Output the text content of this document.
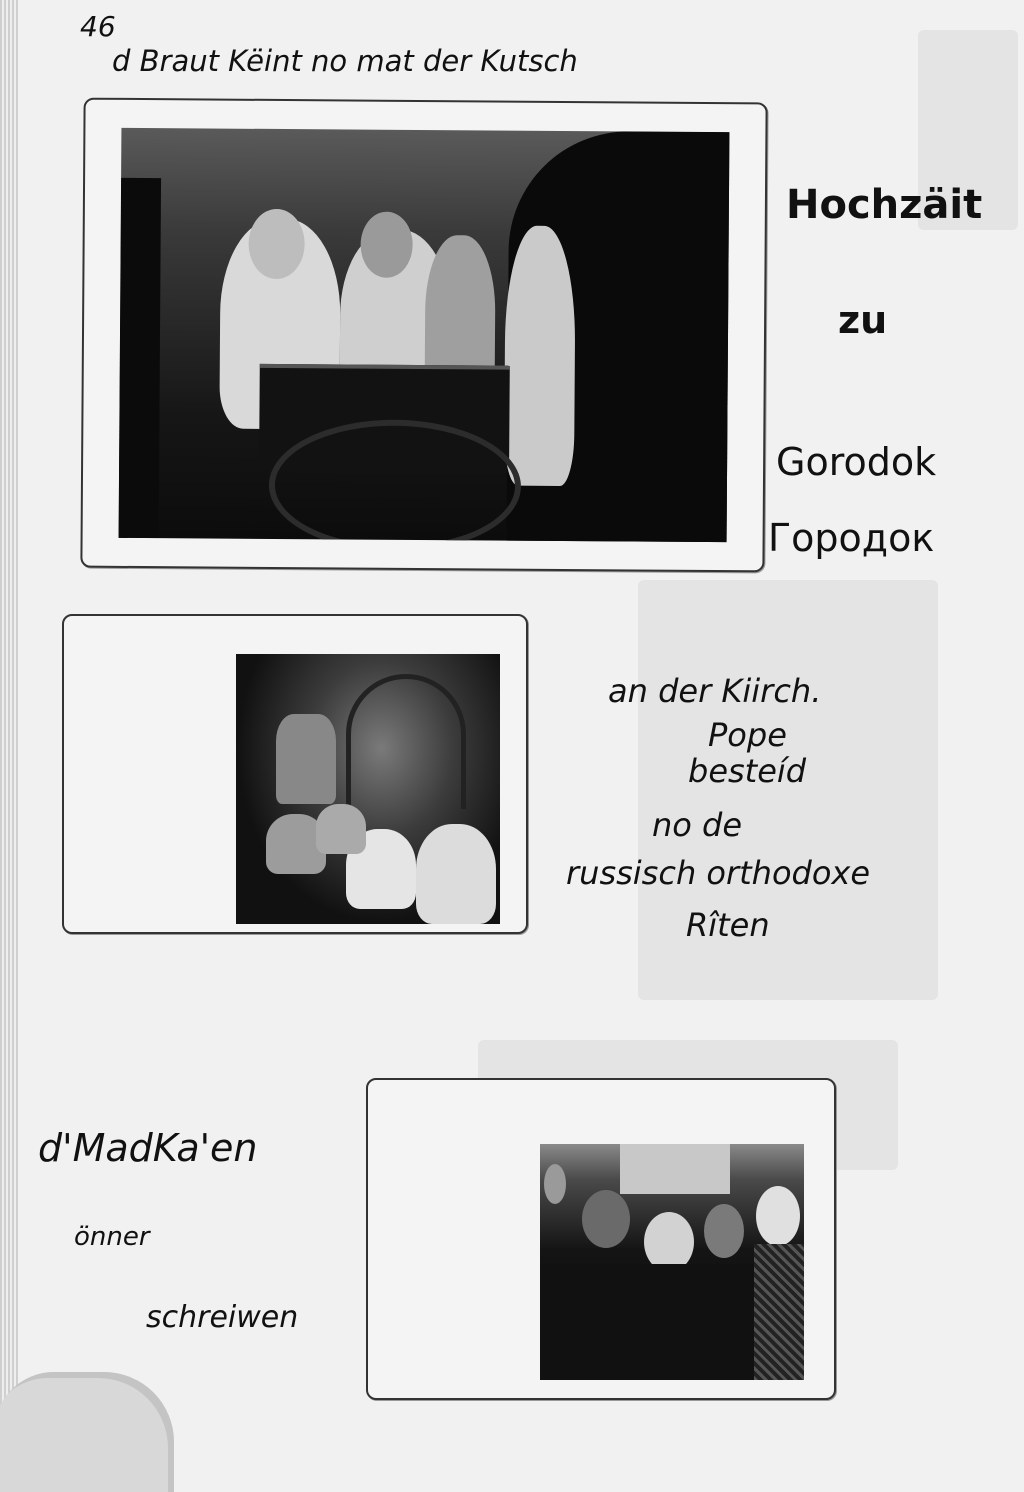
46
d Braut Këint no mat der Kutsch
Hochzäit
zu
Gorodok
Городок
an der Kiirch.
Pope
besteíd
no de
russisch orthodoxe
Rîten
d'MadKa'en
önner
schreiwen
